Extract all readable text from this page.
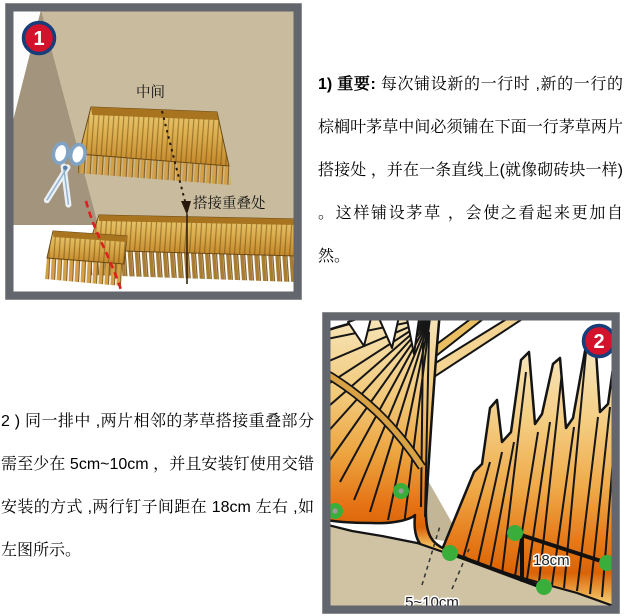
中间
搭接重叠处
1

1) 重要: 每次铺设新的一行时 ,新的一行的棕榈叶茅草中间必须铺在下面一行茅草两片搭接处 ，并在一条直线上(就像砌砖块一样) 。这样铺设茅草 ，会使之看起来更加自然。

2 ) 同一排中 ,两片相邻的茅草搭接重叠部分需至少在 5cm~10cm ，并且安装钉使用交错安装的方式 ,两行钉子间距在 18cm 左右 ,如左图所示。

5~10cm
18cm
2
